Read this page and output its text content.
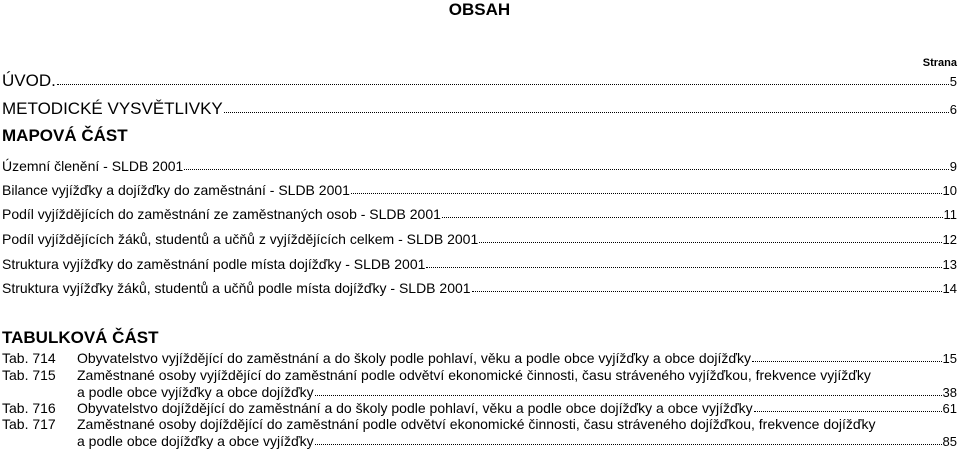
OBSAH
Strana
ÚVOD.	5
METODICKÉ VYSVĚTLIVKY	6
MAPOVÁ ČÁST
Územní členění - SLDB 2001	9
Bilance vyjížďky a dojížďky do zaměstnání - SLDB 2001	10
Podíl vyjíždějících do zaměstnání ze zaměstnaných osob - SLDB 2001	11
Podíl vyjíždějících žáků, studentů a učňů z vyjíždějících celkem - SLDB 2001	12
Struktura vyjížďky do zaměstnání podle místa dojížďky - SLDB 2001	13
Struktura vyjížďky žáků, studentů a učňů podle místa dojížďky - SLDB 2001	14
TABULKOVÁ ČÁST
Tab. 714 Obyvatelstvo vyjíždějící do zaměstnání a do školy podle pohlaví, věku a podle obce vyjížďky a obce dojížďky	15
Tab. 715 Zaměstnané osoby vyjíždějící do zaměstnání podle odvětví ekonomické činnosti, času stráveného vyjížďkou, frekvence vyjížďky
a podle obce vyjížďky a obce dojížďky	38
Tab. 716 Obyvatelstvo dojíždějící do zaměstnání a do školy podle pohlaví, věku a podle obce dojížďky a obce vyjížďky	61
Tab. 717 Zaměstnané osoby dojíždějící do zaměstnání podle odvětví ekonomické činnosti, času stráveného dojížďkou, frekvence dojížďky
a podle obce dojížďky a obce vyjížďky	85
